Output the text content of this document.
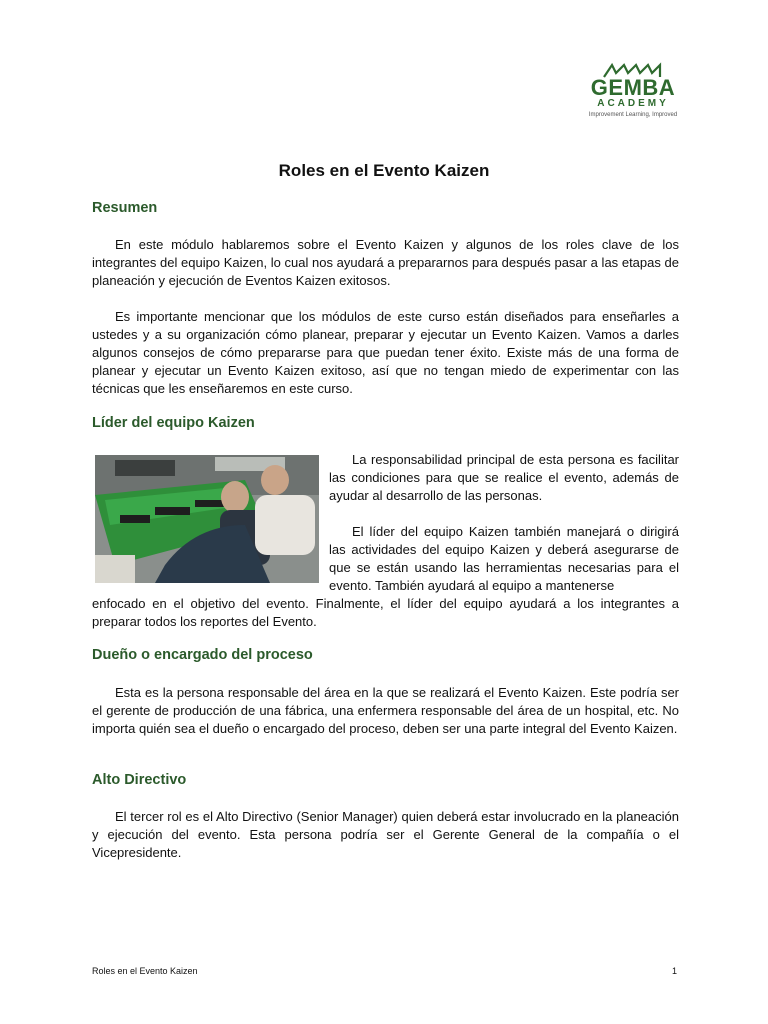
GEMBA
ACADEMY
Improvement Learning, Improved
Roles en el Evento Kaizen
Resumen

En este módulo hablaremos sobre el Evento Kaizen y algunos de los roles clave de los integrantes del equipo Kaizen, lo cual nos ayudará a prepararnos para después pasar a las etapas de planeación y ejecución de Eventos Kaizen exitosos.

Es importante mencionar que los módulos de este curso están diseñados para enseñarles a ustedes y a su organización cómo planear, preparar y ejecutar un Evento Kaizen. Vamos a darles algunos consejos de cómo prepararse para que puedan tener éxito. Existe más de una forma de planear y ejecutar un Evento Kaizen exitoso, así que no tengan miedo de experimentar con las técnicas que les enseñaremos en este curso.

Líder del equipo Kaizen

La responsabilidad principal de esta persona es facilitar las condiciones para que se realice el evento, además de ayudar al desarrollo de las personas.

El líder del equipo Kaizen también manejará o dirigirá las actividades del equipo Kaizen y deberá asegurarse de que se están usando las herramientas necesarias para el evento. También ayudará al equipo a mantenerse

enfocado en el objetivo del evento. Finalmente, el líder del equipo ayudará a los integrantes a preparar todos los reportes del Evento.

Dueño o encargado del proceso

Esta es la persona responsable del área en la que se realizará el Evento Kaizen. Este podría ser el gerente de producción de una fábrica, una enfermera responsable del área de un hospital, etc. No importa quién sea el dueño o encargado del proceso, deben ser una parte integral del Evento Kaizen.

Alto Directivo

El tercer rol es el Alto Directivo (Senior Manager) quien deberá estar involucrado en la planeación y ejecución del evento. Esta persona podría ser el Gerente General de la compañía o el Vicepresidente.

Roles en el Evento Kaizen	1
